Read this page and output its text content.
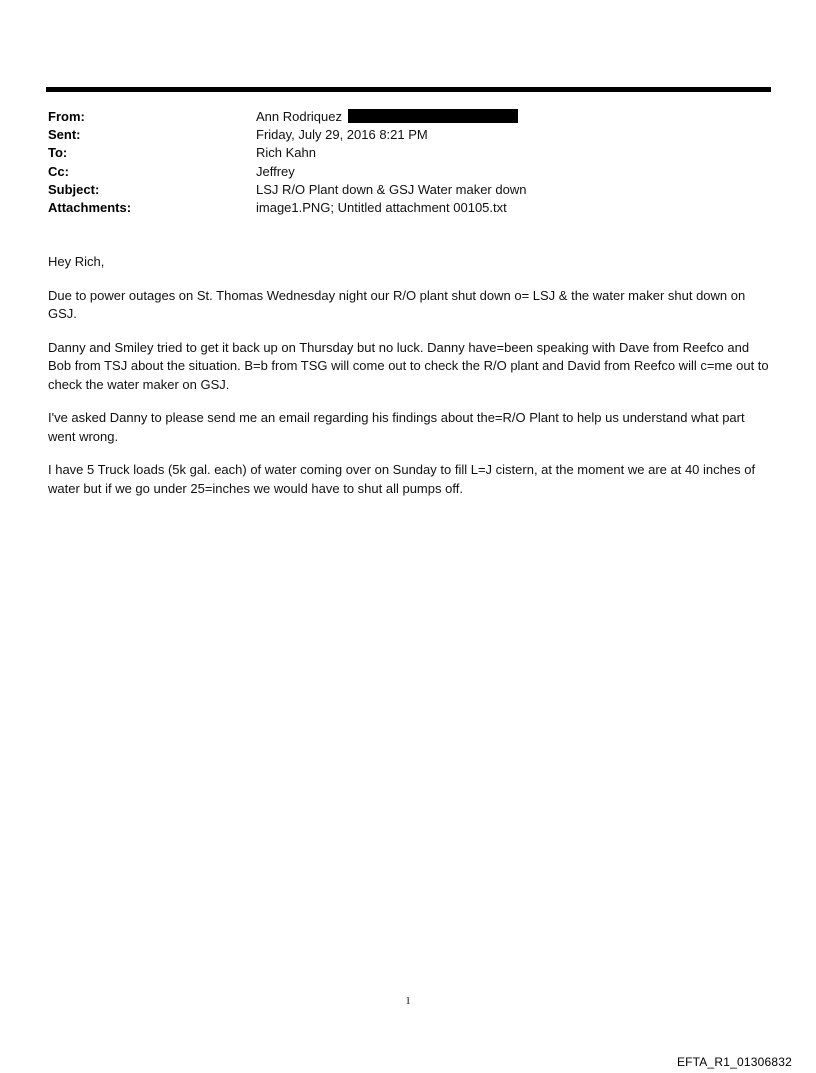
From:	Ann Rodriquez
Sent:	Friday, July 29, 2016 8:21 PM
To:	Rich Kahn
Cc:	Jeffrey
Subject:	LSJ R/O Plant down & GSJ Water maker down
Attachments:	image1.PNG; Untitled attachment 00105.txt

Hey Rich,

Due to power outages on St. Thomas Wednesday night our R/O plant shut down o= LSJ & the water maker shut down on GSJ.

Danny and Smiley tried to get it back up on Thursday but no luck. Danny have=been speaking with Dave from Reefco and Bob from TSJ about the situation. B=b from TSG will come out to check the R/O plant and David from Reefco will c=me out to check the water maker on GSJ.

I've asked Danny to please send me an email regarding his findings about the=R/O Plant to help us understand what part went wrong.

I have 5 Truck loads (5k gal. each) of water coming over on Sunday to fill L=J cistern, at the moment we are at 40 inches of water but if we go under 25=inches we would have to shut all pumps off.

1
EFTA_R1_01306832
